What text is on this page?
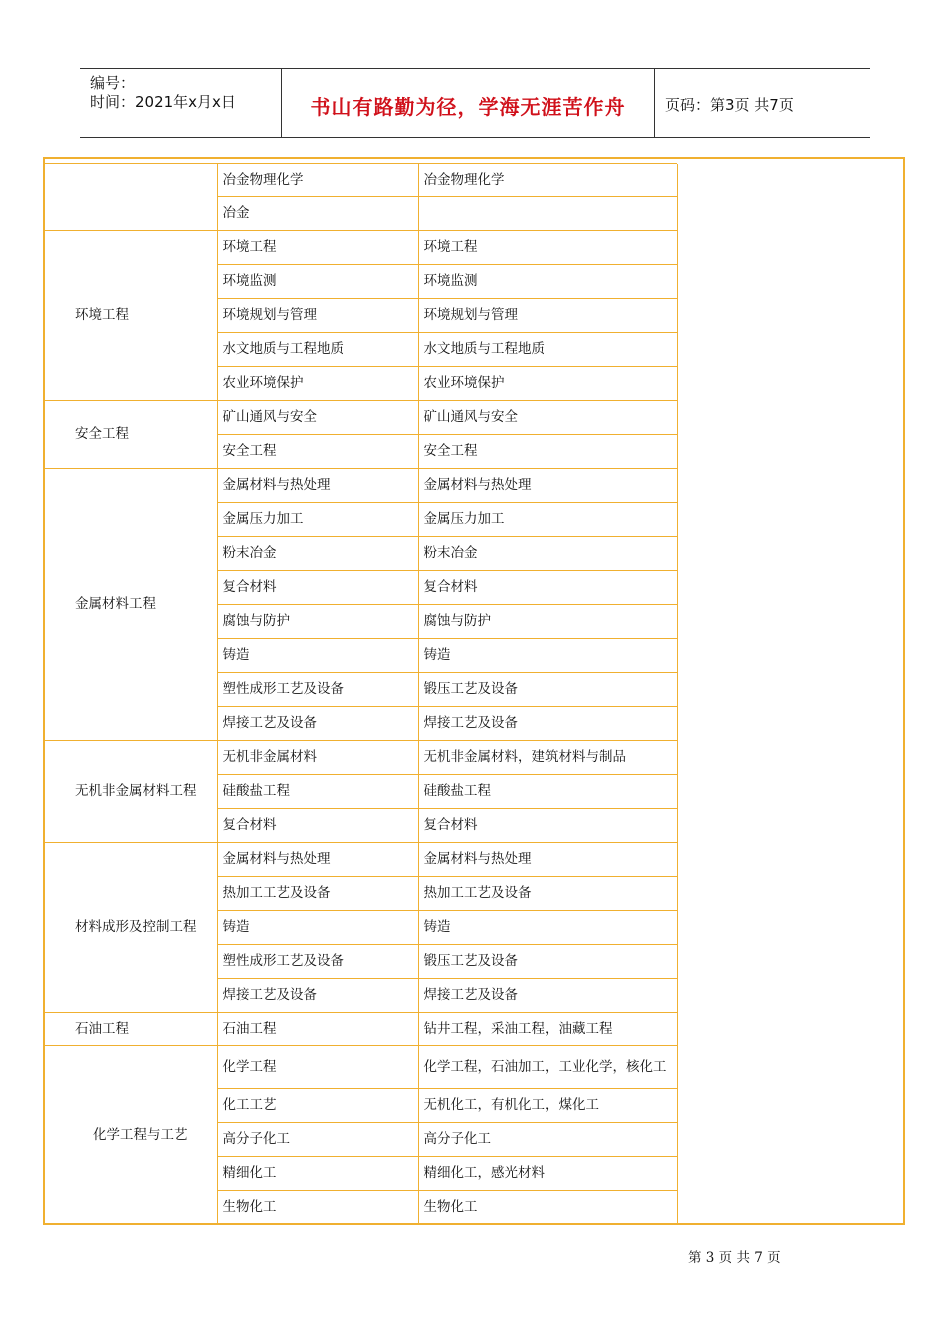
编号：
时间：2021年x月x日	书山有路勤为径，学海无涯苦作舟	页码：第3页 共7页
	冶金物理化学	冶金物理化学
	冶金	
环境工程	环境工程	环境工程
	环境监测	环境监测
	环境规划与管理	环境规划与管理
	水文地质与工程地质	水文地质与工程地质
	农业环境保护	农业环境保护
安全工程	矿山通风与安全	矿山通风与安全
	安全工程	安全工程
金属材料工程	金属材料与热处理	金属材料与热处理
	金属压力加工	金属压力加工
	粉末冶金	粉末冶金
	复合材料	复合材料
	腐蚀与防护	腐蚀与防护
	铸造	铸造
	塑性成形工艺及设备	锻压工艺及设备
	焊接工艺及设备	焊接工艺及设备
无机非金属材料工程	无机非金属材料	无机非金属材料，建筑材料与制品
	硅酸盐工程	硅酸盐工程
	复合材料	复合材料
材料成形及控制工程	金属材料与热处理	金属材料与热处理
	热加工工艺及设备	热加工工艺及设备
	铸造	铸造
	塑性成形工艺及设备	锻压工艺及设备
	焊接工艺及设备	焊接工艺及设备
石油工程	石油工程	钻井工程，采油工程，油藏工程
化学工程与工艺	化学工程	化学工程，石油加工，工业化学，核化工
	化工工艺	无机化工，有机化工，煤化工
	高分子化工	高分子化工
	精细化工	精细化工，感光材料
	生物化工	生物化工
第 3 页 共 7 页
